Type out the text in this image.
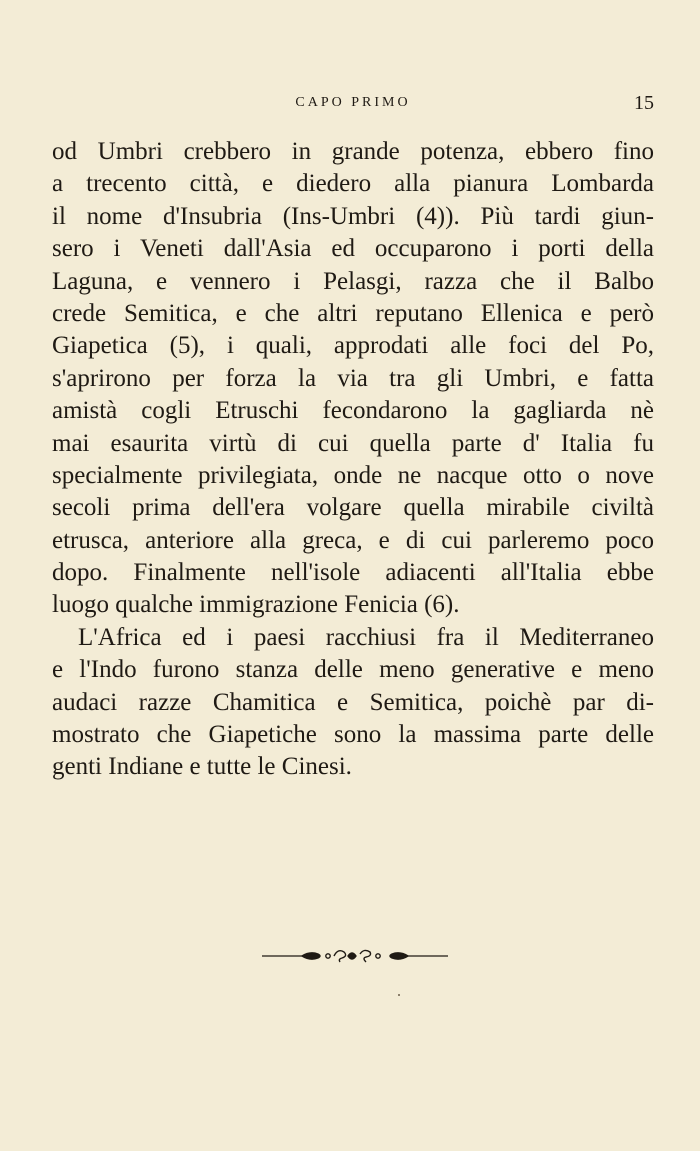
CAPO PRIMO	15
od Umbri crebbero in grande potenza, ebbero fino
a trecento città, e diedero alla pianura Lombarda
il nome d'Insubria (Ins-Umbri (4)). Più tardi giun-
sero i Veneti dall'Asia ed occuparono i porti della
Laguna, e vennero i Pelasgi, razza che il Balbo
crede Semitica, e che altri reputano Ellenica e però
Giapetica (5), i quali, approdati alle foci del Po,
s'aprirono per forza la via tra gli Umbri, e fatta
amistà cogli Etruschi fecondarono la gagliarda nè
mai esaurita virtù di cui quella parte d' Italia fu
specialmente privilegiata, onde ne nacque otto o nove
secoli prima dell'era volgare quella mirabile civiltà
etrusca, anteriore alla greca, e di cui parleremo poco
dopo. Finalmente nell'isole adiacenti all'Italia ebbe
luogo qualche immigrazione Fenicia (6).
L'Africa ed i paesi racchiusi fra il Mediterraneo
e l'Indo furono stanza delle meno generative e meno
audaci razze Chamitica e Semitica, poichè par di-
mostrato che Giapetiche sono la massima parte delle
genti Indiane e tutte le Cinesi.
